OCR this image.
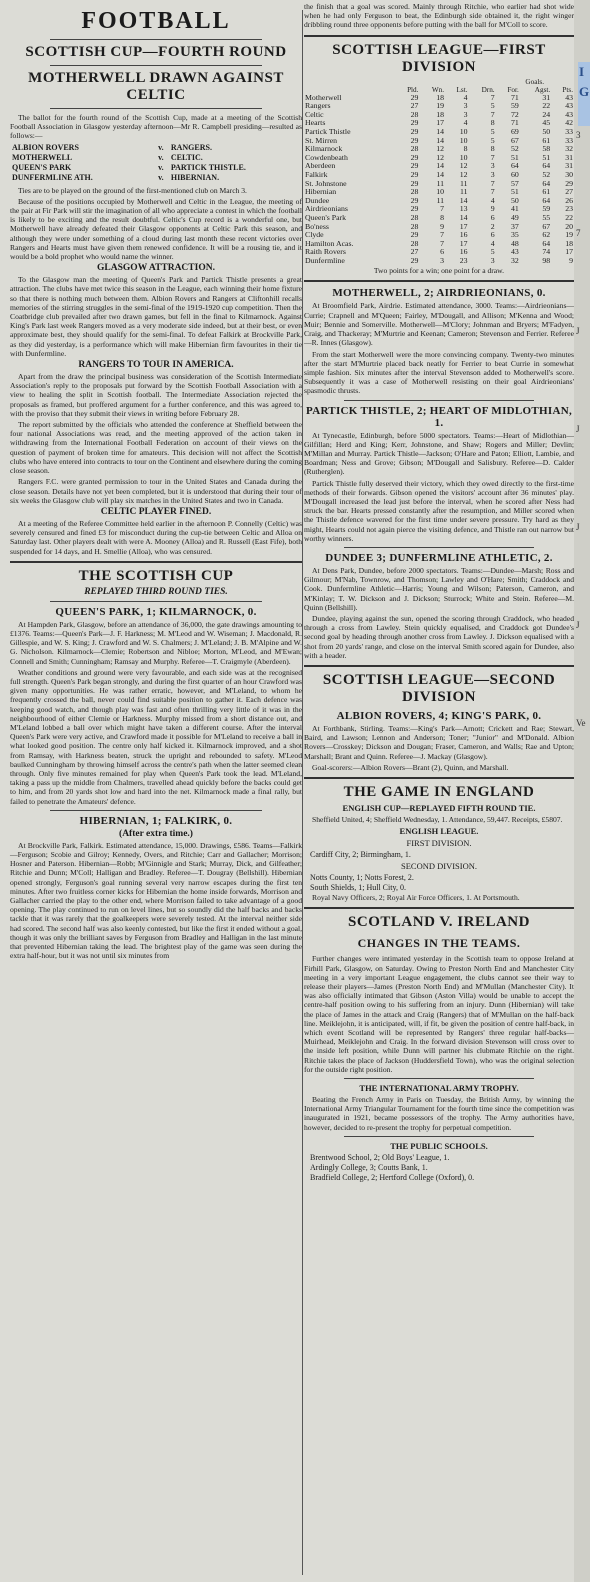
FOOTBALL
SCOTTISH CUP—FOURTH ROUND
MOTHERWELL DRAWN AGAINST CELTIC

The ballot for the fourth round of the Scottish Cup, made at a meeting of the Scottish Football Association in Glasgow yesterday afternoon—Mr R. Campbell presiding—resulted as follows:—

ALBION ROVERS	v.	RANGERS.
MOTHERWELL	v.	CELTIC.
QUEEN'S PARK	v.	PARTICK THISTLE.
DUNFERMLINE ATH.	v.	HIBERNIAN.

Ties are to be played on the ground of the first-mentioned club on March 3.

Because of the positions occupied by Motherwell and Celtic in the League, the meeting of the pair at Fir Park will stir the imagination of all who appreciate a contest in which the football is likely to be exciting and the result doubtful. Celtic's Cup record is a wonderful one, but Motherwell have already defeated their Glasgow opponents at Celtic Park this season, and although they were under something of a cloud during last month these recent victories over Rangers and Hearts must have given them renewed confidence. It will be a rousing tie, and it would be a bold prophet who would name the winner.

GLASGOW ATTRACTION.

To the Glasgow man the meeting of Queen's Park and Partick Thistle presents a great attraction. The clubs have met twice this season in the League, each winning their home fixture so that there is nothing much between them. Albion Rovers and Rangers at Cliftonhill recalls memories of the stirring struggles in the semi-final of the 1919-1920 cup competition. Then the Coatbridge club prevailed after two drawn games, but fell in the final to Kilmarnock. Against King's Park last week Rangers moved as a very moderate side indeed, but at their best, or even approximate best, they should qualify for the semi-final. To defeat Falkirk at Brockville Park, as they did yesterday, is a performance which will make Hibernian firm favourites in their tie with Dunfermline.

RANGERS TO TOUR IN AMERICA.

Apart from the draw the principal business was consideration of the Scottish Intermediate Association's reply to the proposals put forward by the Scottish Football Association with a view to healing the split in Scottish football. The Intermediate Association rejected the proposals as framed, but proffered argument for a further conference, and this was agreed to, with the proviso that they submit their views in writing before February 28.

The report submitted by the officials who attended the conference at Sheffield between the four national Associations was read, and the meeting approved of the action taken in withdrawing from the International Football Federation on account of their views on the question of payment of broken time for amateurs. This decision will not affect the Scottish clubs who have entered into contracts to tour on the Continent and elsewhere during the coming close season.

Rangers F.C. were granted permission to tour in the United States and Canada during the close season. Details have not yet been completed, but it is understood that during their tour of six weeks the Glasgow club will play six matches in the United States and two in Canada.

CELTIC PLAYER FINED.

At a meeting of the Referee Committee held earlier in the afternoon P. Connelly (Celtic) was severely censured and fined £3 for misconduct during the cup-tie between Celtic and Alloa on Saturday last. Other players dealt with were A. Mooney (Alloa) and R. Russell (East Fife), both suspended for 14 days, and H. Smellie (Alloa), who was censured.

THE SCOTTISH CUP
REPLAYED THIRD ROUND TIES.
QUEEN'S PARK, 1; KILMARNOCK, 0.

At Hampden Park, Glasgow, before an attendance of 36,000, the gate drawings amounting to £1376. Teams:—Queen's Park—J. F. Harkness; M. M'Leod and W. Wiseman; J. Macdonald, R. Gillespie, and W. S. King; J. Crawford and W. S. Chalmers; J. M'Leland; J. B. M'Alpine and W. G. Nicholson. Kilmarnock—Clemie; Robertson and Nibloe; Morton, M'Leod, and M'Ewan; Connell and Smith; Cunningham; Ramsay and Murphy. Referee—T. Craigmyle (Aberdeen).

Weather conditions and ground were very favourable, and each side was at the recognised full strength. Queen's Park began strongly, and during the first quarter of an hour Crawford was given many opportunities. He was rather erratic, however, and M'Leland, to whom he frequently crossed the ball, never could find suitable position to gather it. Each defence was keeping good watch, and though play was fast and often thrilling very little of it was in the neighbourhood of either Clemie or Harkness. Murphy missed from a short distance out, and M'Leland lobbed a ball over which might have taken a different course. After the interval Queen's Park were very active, and Crawford made it possible for M'Leland to receive a ball in what looked good position. The centre only half kicked it. Kilmarnock improved, and a shot from Ramsay, with Harkness beaten, struck the upright and rebounded to safety. M'Leod baulked Cunningham by throwing himself across the centre's path when the latter seemed clean through. Only five minutes remained for play when Queen's Park took the lead. M'Leland, taking a pass up the middle from Chalmers, travelled ahead quickly before the backs could get to him, and from 20 yards shot low and hard into the net. Kilmarnock made a final rally, but failed to penetrate the Amateurs' defence.

HIBERNIAN, 1; FALKIRK, 0.
(After extra time.)

At Brockville Park, Falkirk. Estimated attendance, 15,000. Drawings, £586. Teams—Falkirk—Ferguson; Scobie and Gilroy; Kennedy, Overs, and Ritchie; Carr and Gallacher; Morrison; Hosner and Paterson. Hibernian—Robb; M'Ginnigle and Stark; Murray, Dick, and Gilfeather; Ritchie and Dunn; M'Coll; Halligan and Bradley. Referee—T. Dougray (Bellshill). Hibernian opened strongly, Ferguson's goal running several very narrow escapes during the first ten minutes. After two fruitless corner kicks for Hibernian the home inside forwards, Morrison and Gallacher carried the play to the other end, where Morrison failed to take advantage of a good opening. The play continued to run on level lines, but so soundly did the half backs and backs tackle that it was rarely that the goalkeepers were severely tested. At the interval neither side had scored. The second half was also keenly contested, but like the first it ended without a goal, though it was only the brilliant saves by Ferguson from Bradley and Halligan in the last minute that prevented Hibernian taking the lead. The brightest play of the game was seen during the extra half-hour, but it was not until six minutes from

the finish that a goal was scored. Mainly through Ritchie, who earlier had shot wide when he had only Ferguson to beat, the Edinburgh side obtained it, the right winger dribbling round three opponents before putting with the ball for M'Coll to score.

SCOTTISH LEAGUE—FIRST DIVISION
Goals.
	Pld.	Wn.	Lst.	Drn.	For.	Agst.	Pts.
Motherwell	29	18	4	7	71	31	43
Rangers	27	19	3	5	59	22	43
Celtic	28	18	3	7	72	24	43
Hearts	29	17	4	8	71	45	42
Partick Thistle	29	14	10	5	69	50	33
St. Mirren	29	14	10	5	67	61	33
Kilmarnock	28	12	8	8	52	58	32
Cowdenbeath	29	12	10	7	51	51	31
Aberdeen	29	14	12	3	64	64	31
Falkirk	29	14	12	3	60	52	30
St. Johnstone	29	11	11	7	57	64	29
Hibernian	28	10	11	7	51	61	27
Dundee	29	11	14	4	50	64	26
Airdrieonians	29	7	13	9	41	59	23
Queen's Park	28	8	14	6	49	55	22
Bo'ness	28	9	17	2	37	67	20
Clyde	29	7	16	6	35	62	19
Hamilton Acas.	28	7	17	4	48	64	18
Raith Rovers	27	6	16	5	43	74	17
Dunfermline	29	3	23	3	32	98	9
Two points for a win; one point for a draw.
MOTHERWELL, 2; AIRDRIEONIANS, 0.

At Broomfield Park, Airdrie. Estimated attendance, 3000. Teams:—Airdrieonians—Currie; Crapnell and M'Queen; Fairley, M'Dougall, and Allison; M'Kenna and Wood; Muir; Bennie and Somerville. Motherwell—M'Clory; Johnman and Bryers; M'Fadyen, Craig, and Thackeray; M'Murtrie and Keenan; Cameron; Stevenson and Ferrier. Referee—R. Innes (Glasgow).

From the start Motherwell were the more convincing company. Twenty-two minutes after the start M'Murtrie placed back neatly for Ferrier to beat Currie in somewhat simple fashion. Six minutes after the interval Stevenson added to Motherwell's score. Subsequently it was a case of Motherwell resisting on their goal Airdrieonians' spasmodic thrusts.

PARTICK THISTLE, 2; HEART OF MIDLOTHIAN, 1.

At Tynecastle, Edinburgh, before 5000 spectators. Teams:—Heart of Midlothian—Gilfillan; Herd and King; Kerr, Johnstone, and Shaw; Rogers and Miller; Devlin; M'Millan and Murray. Partick Thistle—Jackson; O'Hare and Paton; Elliott, Lambie, and Boardman; Ness and Grove; Gibson; M'Dougall and Salisbury. Referee—D. Calder (Rutherglen).

Partick Thistle fully deserved their victory, which they owed directly to the first-time methods of their forwards. Gibson opened the visitors' account after 36 minutes' play. M'Dougall increased the lead just before the interval, when he scored after Ness had struck the bar. Hearts pressed constantly after the resumption, and Miller scored when the Thistle defence wavered for the first time under severe pressure. Try hard as they might, Hearts could not again pierce the visiting defence, and Thistle ran out narrow but worthy winners.

DUNDEE 3; DUNFERMLINE ATHLETIC, 2.

At Dens Park, Dundee, before 2000 spectators. Teams:—Dundee—Marsh; Ross and Gilmour; M'Nab, Townrow, and Thomson; Lawley and O'Hare; Smith; Craddock and Cook. Dunfermline Athletic—Harris; Young and Wilson; Paterson, Cameron, and M'Kinlay; T. W. Dickson and J. Dickson; Sturrock; White and Stein. Referee—M. Quinn (Bellshill).

Dundee, playing against the sun, opened the scoring through Craddock, who headed through a cross from Lawley. Stein quickly equalised, and Craddock got Dundee's second goal by heading through another cross from Lawley. J. Dickson equalised with a shot from 20 yards' range, and close on the interval Smith scored again for Dundee, also with a header.

SCOTTISH LEAGUE—SECOND DIVISION
ALBION ROVERS, 4; KING'S PARK, 0.

At Forthbank, Stirling. Teams:—King's Park—Arnott; Crickett and Rae; Stewart, Baird, and Lawson; Lennon and Anderson; Toner; "Junior" and M'Donald. Albion Rovers—Crosskey; Dickson and Dougan; Fraser, Cameron, and Walls; Rae and Upton; Marshall; Brant and Quinn. Referee—J. Mackay (Glasgow).

Goal-scorers:—Albion Rovers—Brant (2), Quinn, and Marshall.

THE GAME IN ENGLAND
ENGLISH CUP—REPLAYED FIFTH ROUND TIE.

Sheffield United, 4; Sheffield Wednesday, 1. Attendance, 59,447. Receipts, £5807.

ENGLISH LEAGUE.
FIRST DIVISION.
Cardiff City, 2; Birmingham, 1.
SECOND DIVISION.
Notts County, 1; Notts Forest, 2.
South Shields, 1; Hull City, 0.

Royal Navy Officers, 2; Royal Air Force Officers, 1. At Portsmouth.

SCOTLAND V. IRELAND
CHANGES IN THE TEAMS.

Further changes were intimated yesterday in the Scottish team to oppose Ireland at Firhill Park, Glasgow, on Saturday. Owing to Preston North End and Manchester City meeting in a very important League engagement, the clubs cannot see their way to release their players—James (Preston North End) and M'Mullan (Manchester City). It was also officially intimated that Gibson (Aston Villa) would be unable to accept the centre-half position owing to his suffering from an injury. Dunn (Hibernian) will take the place of James in the attack and Craig (Rangers) that of M'Mullan on the half-back line. Meiklejohn, it is anticipated, will, if fit, be given the position of centre half-back, in which event Scotland will be represented by Rangers' three regular half-backs—Muirhead, Meiklejohn and Craig. In the forward division Stevenson will cross over to the inside left position, while Dunn will partner his clubmate Ritchie on the right. Ritchie takes the place of Jackson (Huddersfield Town), who was the original selection for the outside right position.

THE INTERNATIONAL ARMY TROPHY.

Beating the French Army in Paris on Tuesday, the British Army, by winning the International Army Triangular Tournament for the fourth time since the competition was inaugurated in 1921, became possessors of the trophy. The Army authorities have, however, decided to re-present the trophy for perpetual competition.

THE PUBLIC SCHOOLS.
Brentwood School, 2; Old Boys' League, 1.
Ardingly College, 3; Coutts Bank, 1.
Bradfield College, 2; Hertford College (Oxford), 0.
3
7
J
J
J
J
Ve
I
G
